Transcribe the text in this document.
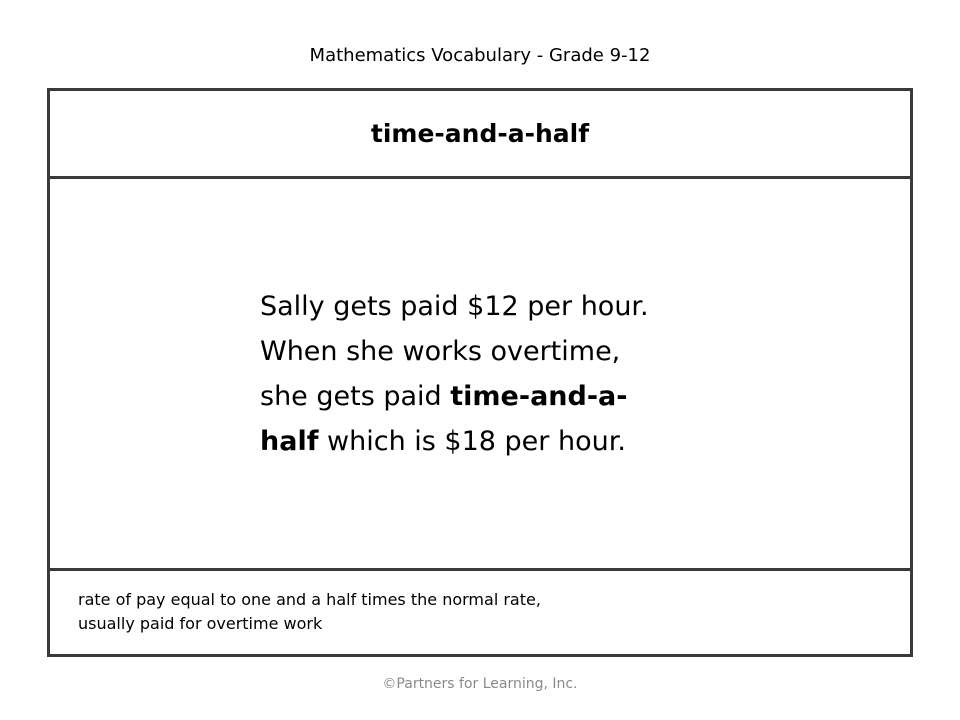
Mathematics Vocabulary - Grade 9-12
time-and-a-half

Sally gets paid $12 per hour.

When she works overtime,

she gets paid time-and-a-

half which is $18 per hour.

rate of pay equal to one and a half times the normal rate,

usually paid for overtime work

©Partners for Learning, Inc.
